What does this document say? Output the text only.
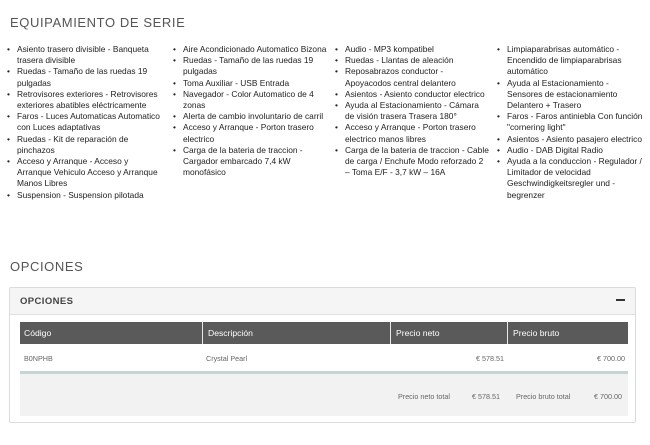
EQUIPAMIENTO DE SERIE
• Asiento trasero divisible - Banqueta trasera divisible
• Ruedas - Tamaño de las ruedas 19 pulgadas
• Retrovisores exteriores - Retrovisores exteriores abatibles eléctricamente
• Faros - Luces Automaticas Automatico con Luces adaptativas
• Ruedas - Kit de reparación de pinchazos
• Acceso y Arranque - Acceso y Arranque Vehiculo Acceso y Arranque Manos Libres
• Suspension - Suspension pilotada
• Aire Acondicionado Automatico Bizona
• Ruedas - Tamaño de las ruedas 19 pulgadas
• Toma Auxiliar - USB Entrada
• Navegador - Color Automatico de 4 zonas
• Alerta de cambio involuntario de carril
• Acceso y Arranque - Porton trasero electrico
• Carga de la bateria de traccion - Cargador embarcado 7,4 kW monofásico
• Audio - MP3 kompatibel
• Ruedas - Llantas de aleación
• Reposabrazos conductor - Apoyacodos central delantero
• Asientos - Asiento conductor electrico
• Ayuda al Estacionamiento - Cámara de visión trasera Trasera 180°
• Acceso y Arranque - Porton trasero electrico manos libres
• Carga de la bateria de traccion - Cable de carga / Enchufe Modo reforzado 2 – Toma E/F - 3,7 kW – 16A
• Limpiaparabrisas automático - Encendido de limpiaparabrisas automático
• Ayuda al Estacionamiento - Sensores de estacionamiento Delantero + Trasero
• Faros - Faros antiniebla Con función "cornering light"
• Asientos - Asiento pasajero electrico
• Audio - DAB Digital Radio
• Ayuda a la conduccion - Regulador / Limitador de velocidad Geschwindigkeitsregler und - begrenzer
OPCIONES
OPCIONES
Código	Descripción	Precio neto	Precio bruto
B0NPHB	Crystal Pearl	€ 578.51	€ 700.00
Precio neto total	€ 578.51 Precio bruto total	€ 700.00
